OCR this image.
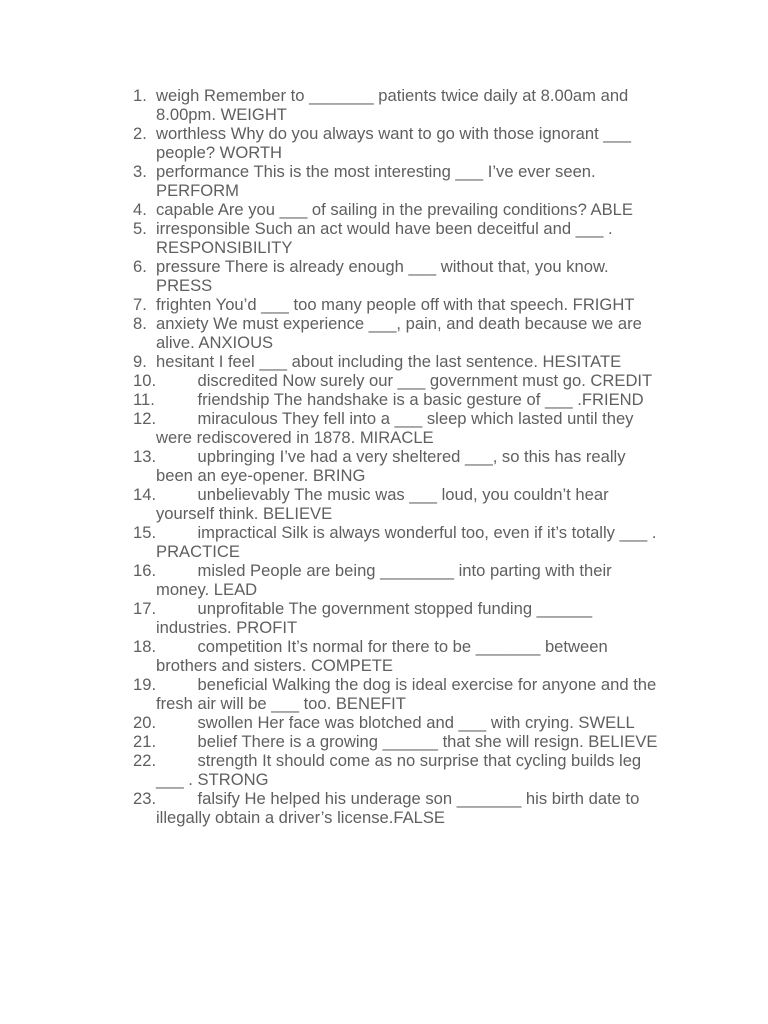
1. weigh Remember to _______ patients twice daily at 8.00am and 8.00pm. WEIGHT
2. worthless Why do you always want to go with those ignorant ___ people? WORTH
3. performance This is the most interesting ___ I’ve ever seen. PERFORM
4. capable Are you ___ of sailing in the prevailing conditions? ABLE
5. irresponsible Such an act would have been deceitful and ___ . RESPONSIBILITY
6. pressure There is already enough ___ without that, you know. PRESS
7. frighten You’d ___ too many people off with that speech. FRIGHT
8. anxiety We must experience ___, pain, and death because we are alive. ANXIOUS
9. hesitant I feel ___ about including the last sentence. HESITATE
10. discredited Now surely our ___ government must go. CREDIT
11. friendship The handshake is a basic gesture of ___ .FRIEND
12. miraculous They fell into a ___ sleep which lasted until they were rediscovered in 1878. MIRACLE
13. upbringing I’ve had a very sheltered ___, so this has really been an eye-opener. BRING
14. unbelievably The music was ___ loud, you couldn’t hear yourself think. BELIEVE
15. impractical Silk is always wonderful too, even if it’s totally ___ . PRACTICE
16. misled People are being ________ into parting with their money. LEAD
17. unprofitable The government stopped funding ______ industries. PROFIT
18. competition It’s normal for there to be _______ between brothers and sisters. COMPETE
19. beneficial Walking the dog is ideal exercise for anyone and the fresh air will be ___ too. BENEFIT
20. swollen Her face was blotched and ___ with crying. SWELL
21. belief There is a growing ______ that she will resign. BELIEVE
22. strength It should come as no surprise that cycling builds leg ___ . STRONG
23. falsify He helped his underage son _______ his birth date to illegally obtain a driver’s license.FALSE
